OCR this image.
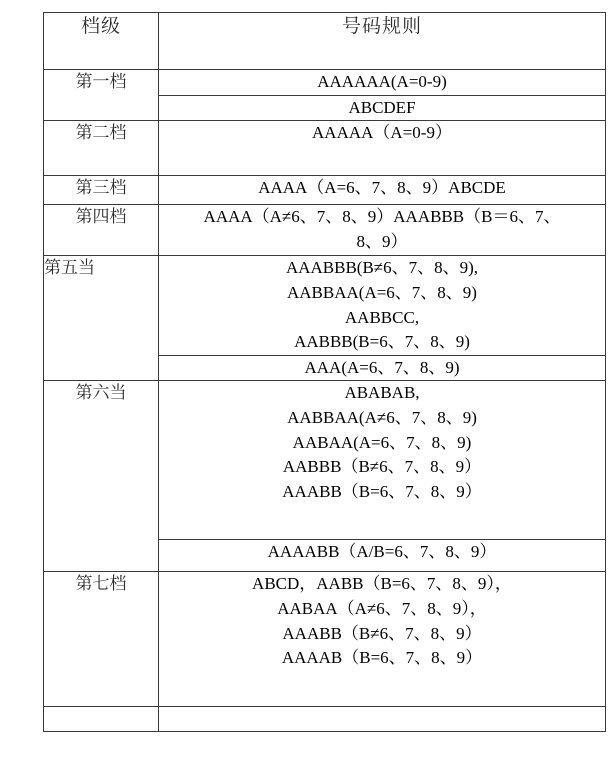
档级	号码规则
第一档	AAAAAA(A=0-9)

	ABCDEF

第二档	AAAAA（A=0-9）

第三档	AAAA（A=6、7、8、9）ABCDE

第四档	AAAA（A≠6、7、8、9）AAABBB（B＝6、7、
8、9）

第五当	AAABBB(B≠6、7、8、9),
AABBAA(A=6、7、8、9)
AABBCC,
AABBB(B=6、7、8、9)

	AAA(A=6、7、8、9)

第六当	ABABAB,
AABBAA(A≠6、7、8、9)
AABAA(A=6、7、8、9)
AABBB（B≠6、7、8、9）
AAABB（B=6、7、8、9）

	AAAABB（A/B=6、7、8、9）

第七档	ABCD，AABB（B=6、7、8、9），
AABAA（A≠6、7、8、9），
AAABB（B≠6、7、8、9）
AAAAB（B=6、7、8、9）
